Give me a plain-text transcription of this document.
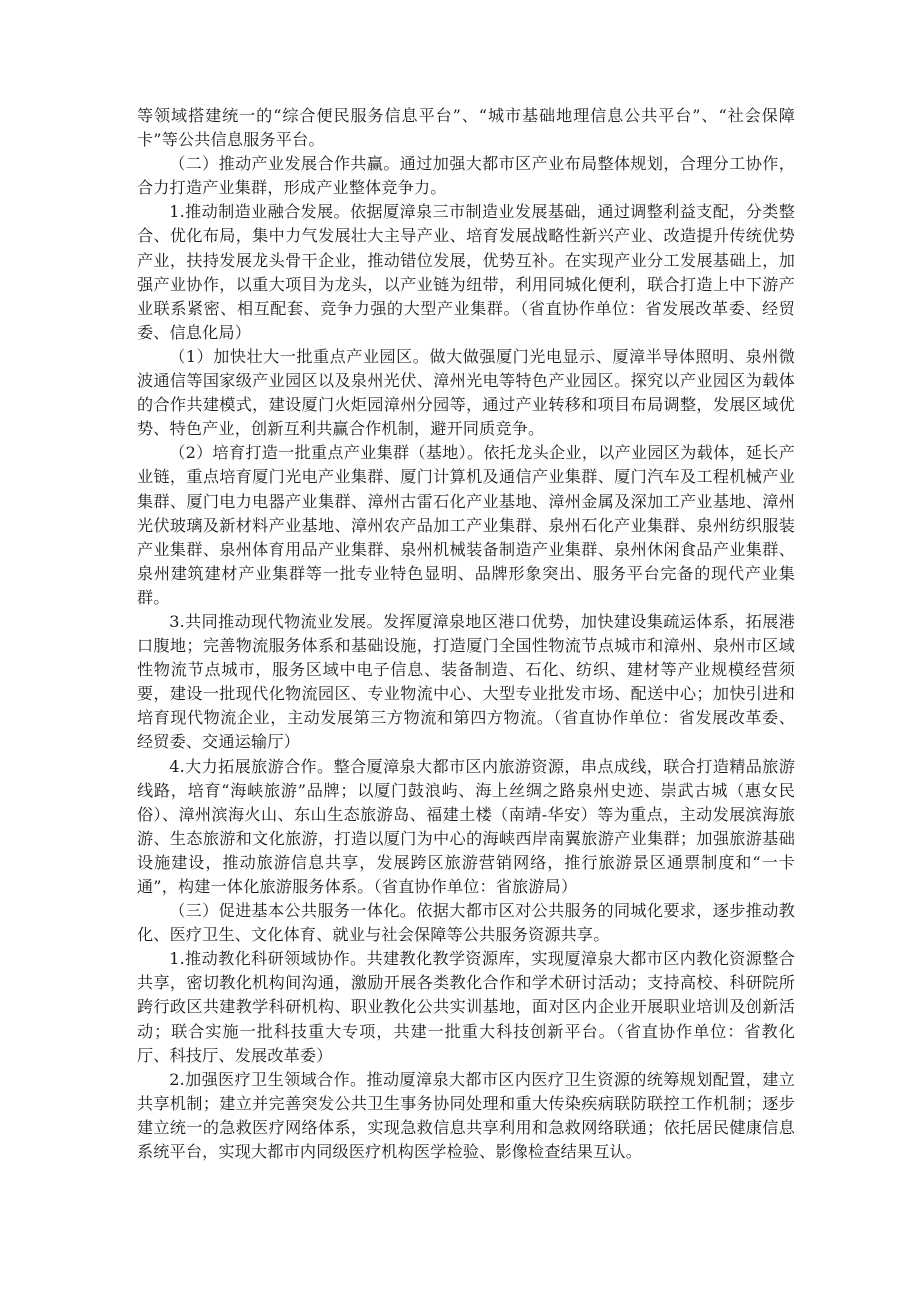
等领域搭建统一的“综合便民服务信息平台”、“城市基础地理信息公共平台”、“社会保障卡”等公共信息服务平台。

（二）推动产业发展合作共赢。通过加强大都市区产业布局整体规划，合理分工协作，合力打造产业集群，形成产业整体竞争力。

1.推动制造业融合发展。依据厦漳泉三市制造业发展基础，通过调整利益支配，分类整合、优化布局，集中力气发展壮大主导产业、培育发展战略性新兴产业、改造提升传统优势产业，扶持发展龙头骨干企业，推动错位发展，优势互补。在实现产业分工发展基础上，加强产业协作，以重大项目为龙头，以产业链为纽带，利用同城化便利，联合打造上中下游产业联系紧密、相互配套、竞争力强的大型产业集群。（省直协作单位：省发展改革委、经贸委、信息化局）

（1）加快壮大一批重点产业园区。做大做强厦门光电显示、厦漳半导体照明、泉州微波通信等国家级产业园区以及泉州光伏、漳州光电等特色产业园区。探究以产业园区为载体的合作共建模式，建设厦门火炬园漳州分园等，通过产业转移和项目布局调整，发展区域优势、特色产业，创新互利共赢合作机制，避开同质竞争。

（2）培育打造一批重点产业集群（基地）。依托龙头企业，以产业园区为载体，延长产业链，重点培育厦门光电产业集群、厦门计算机及通信产业集群、厦门汽车及工程机械产业集群、厦门电力电器产业集群、漳州古雷石化产业基地、漳州金属及深加工产业基地、漳州光伏玻璃及新材料产业基地、漳州农产品加工产业集群、泉州石化产业集群、泉州纺织服装产业集群、泉州体育用品产业集群、泉州机械装备制造产业集群、泉州休闲食品产业集群、泉州建筑建材产业集群等一批专业特色显明、品牌形象突出、服务平台完备的现代产业集群。

3.共同推动现代物流业发展。发挥厦漳泉地区港口优势，加快建设集疏运体系，拓展港口腹地；完善物流服务体系和基础设施，打造厦门全国性物流节点城市和漳州、泉州市区域性物流节点城市，服务区域中电子信息、装备制造、石化、纺织、建材等产业规模经营须要，建设一批现代化物流园区、专业物流中心、大型专业批发市场、配送中心；加快引进和培育现代物流企业，主动发展第三方物流和第四方物流。（省直协作单位：省发展改革委、经贸委、交通运输厅）

4.大力拓展旅游合作。整合厦漳泉大都市区内旅游资源，串点成线，联合打造精品旅游线路，培育“海峡旅游”品牌；以厦门鼓浪屿、海上丝绸之路泉州史迹、崇武古城（惠女民俗）、漳州滨海火山、东山生态旅游岛、福建土楼（南靖-华安）等为重点，主动发展滨海旅游、生态旅游和文化旅游，打造以厦门为中心的海峡西岸南翼旅游产业集群；加强旅游基础设施建设，推动旅游信息共享，发展跨区旅游营销网络，推行旅游景区通票制度和“一卡通”，构建一体化旅游服务体系。（省直协作单位：省旅游局）

（三）促进基本公共服务一体化。依据大都市区对公共服务的同城化要求，逐步推动教化、医疗卫生、文化体育、就业与社会保障等公共服务资源共享。

1.推动教化科研领域协作。共建教化教学资源库，实现厦漳泉大都市区内教化资源整合共享，密切教化机构间沟通，激励开展各类教化合作和学术研讨活动；支持高校、科研院所跨行政区共建教学科研机构、职业教化公共实训基地，面对区内企业开展职业培训及创新活动；联合实施一批科技重大专项，共建一批重大科技创新平台。（省直协作单位：省教化厅、科技厅、发展改革委）

2.加强医疗卫生领域合作。推动厦漳泉大都市区内医疗卫生资源的统筹规划配置，建立共享机制；建立并完善突发公共卫生事务协同处理和重大传染疾病联防联控工作机制；逐步建立统一的急救医疗网络体系，实现急救信息共享利用和急救网络联通；依托居民健康信息系统平台，实现大都市内同级医疗机构医学检验、影像检查结果互认。
